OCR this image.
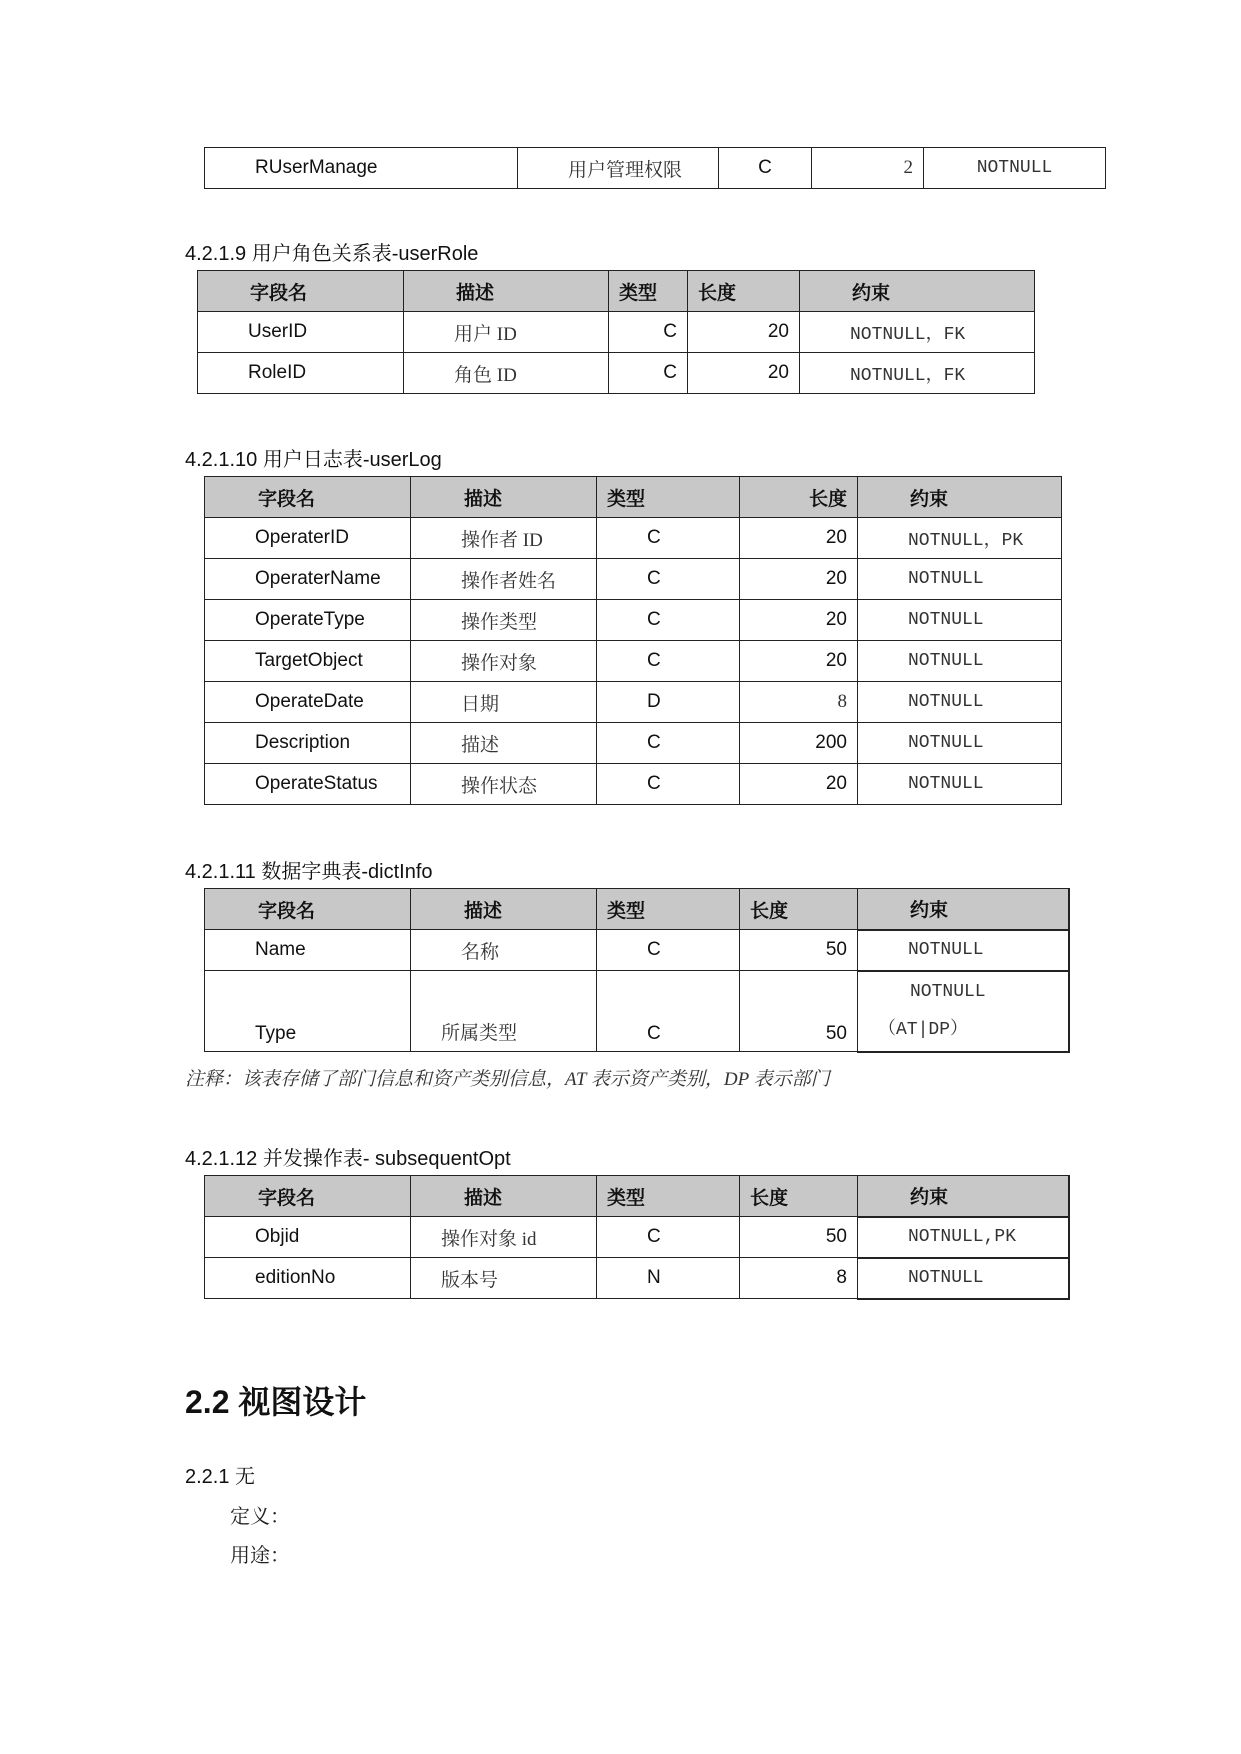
RUserManage	用户管理权限	C	2	NOTNULL
4.2.1.9 用户角色关系表-userRole
字段名	描述	类型	长度	约束
UserID	用户 ID	C	20	NOTNULL，FK
RoleID	角色 ID	C	20	NOTNULL，FK
4.2.1.10 用户日志表-userLog
字段名	描述	类型	长度	约束
OperaterID	操作者 ID	C	20	NOTNULL，PK
OperaterName	操作者姓名	C	20	NOTNULL
OperateType	操作类型	C	20	NOTNULL
TargetObject	操作对象	C	20	NOTNULL
OperateDate	日期	D	8	NOTNULL
Description	描述	C	200	NOTNULL
OperateStatus	操作状态	C	20	NOTNULL
4.2.1.11 数据字典表-dictInfo
字段名	描述	类型	长度	约束
Name	名称	C	50	NOTNULL
Type	所属类型	C	50	NOTNULL
（AT|DP）
注释：该表存储了部门信息和资产类别信息，AT 表示资产类别，DP 表示部门
4.2.1.12 并发操作表- subsequentOpt
字段名	描述	类型	长度	约束
Objid	操作对象 id	C	50	NOTNULL,PK
editionNo	版本号	N	8	NOTNULL
2.2 视图设计
2.2.1 无
定义：
用途：
